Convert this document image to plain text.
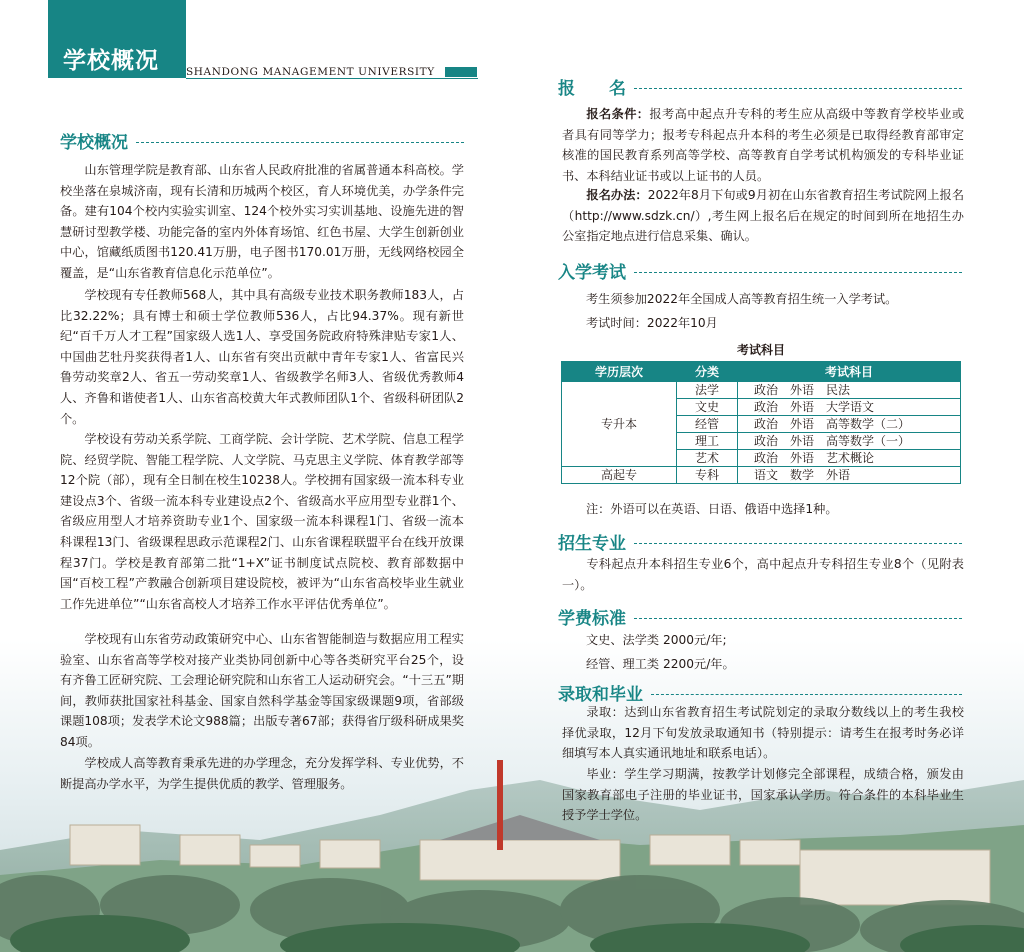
学校概况	SHANDONG MANAGEMENT UNIVERSITY
学校概况
山东管理学院是教育部、山东省人民政府批准的省属普通本科高校。学校坐落在泉城济南，现有长清和历城两个校区，育人环境优美，办学条件完备。建有104个校内实验实训室、124个校外实习实训基地、设施先进的智慧研讨型教学楼、功能完备的室内外体育场馆、红色书屋、大学生创新创业中心，馆藏纸质图书120.41万册，电子图书170.01万册，无线网络校园全覆盖，是“山东省教育信息化示范单位”。
学校现有专任教师568人，其中具有高级专业技术职务教师183人，占比32.22%；具有博士和硕士学位教师536人，占比94.37%。现有新世纪“百千万人才工程”国家级人选1人、享受国务院政府特殊津贴专家1人、中国曲艺牡丹奖获得者1人、山东省有突出贡献中青年专家1人、省富民兴鲁劳动奖章2人、省五一劳动奖章1人、省级教学名师3人、省级优秀教师4人、齐鲁和谐使者1人、山东省高校黄大年式教师团队1个、省级科研团队2个。
学校设有劳动关系学院、工商学院、会计学院、艺术学院、信息工程学院、经贸学院、智能工程学院、人文学院、马克思主义学院、体育教学部等12个院（部），现有全日制在校生10238人。学校拥有国家级一流本科专业建设点3个、省级一流本科专业建设点2个、省级高水平应用型专业群1个、省级应用型人才培养资助专业1个、国家级一流本科课程1门、省级一流本科课程13门、省级课程思政示范课程2门、山东省课程联盟平台在线开放课程37门。学校是教育部第二批“1+X”证书制度试点院校、教育部数据中国“百校工程”产教融合创新项目建设院校，被评为“山东省高校毕业生就业工作先进单位”“山东省高校人才培养工作水平评估优秀单位”。
学校现有山东省劳动政策研究中心、山东省智能制造与数据应用工程实验室、山东省高等学校对接产业类协同创新中心等各类研究平台25个，设有齐鲁工匠研究院、工会理论研究院和山东省工人运动研究会。“十三五”期间，教师获批国家社科基金、国家自然科学基金等国家级课题9项，省部级课题108项；发表学术论文988篇；出版专著67部；获得省厅级科研成果奖84项。
学校成人高等教育秉承先进的办学理念，充分发挥学科、专业优势，不断提高办学水平，为学生提供优质的教学、管理服务。
报　　名
报名条件：报考高中起点升专科的考生应从高级中等教育学校毕业或者具有同等学力；报考专科起点升本科的考生必须是已取得经教育部审定核准的国民教育系列高等学校、高等教育自学考试机构颁发的专科毕业证书、本科结业证书或以上证书的人员。
报名办法：2022年8月下旬或9月初在山东省教育招生考试院网上报名（http://www.sdzk.cn/）,考生网上报名后在规定的时间到所在地招生办公室指定地点进行信息采集、确认。
入学考试
考生须参加2022年全国成人高等教育招生统一入学考试。
考试时间：2022年10月
考试科目
学历层次	分类	考试科目
专升本	法学	政治　外语　民法
	文史	政治　外语　大学语文
	经管	政治　外语　高等数学（二）
	理工	政治　外语　高等数学（一）
	艺术	政治　外语　艺术概论
高起专	专科	语文　数学　外语
注：外语可以在英语、日语、俄语中选择1种。
招生专业
专科起点升本科招生专业6个，高中起点升专科招生专业8个（见附表一）。
学费标准
文史、法学类 2000元/年;
经管、理工类 2200元/年。
录取和毕业
录取：达到山东省教育招生考试院划定的录取分数线以上的考生我校择优录取，12月下旬发放录取通知书（特别提示：请考生在报考时务必详细填写本人真实通讯地址和联系电话）。
毕业：学生学习期满，按教学计划修完全部课程，成绩合格，颁发由国家教育部电子注册的毕业证书，国家承认学历。符合条件的本科毕业生授予学士学位。
